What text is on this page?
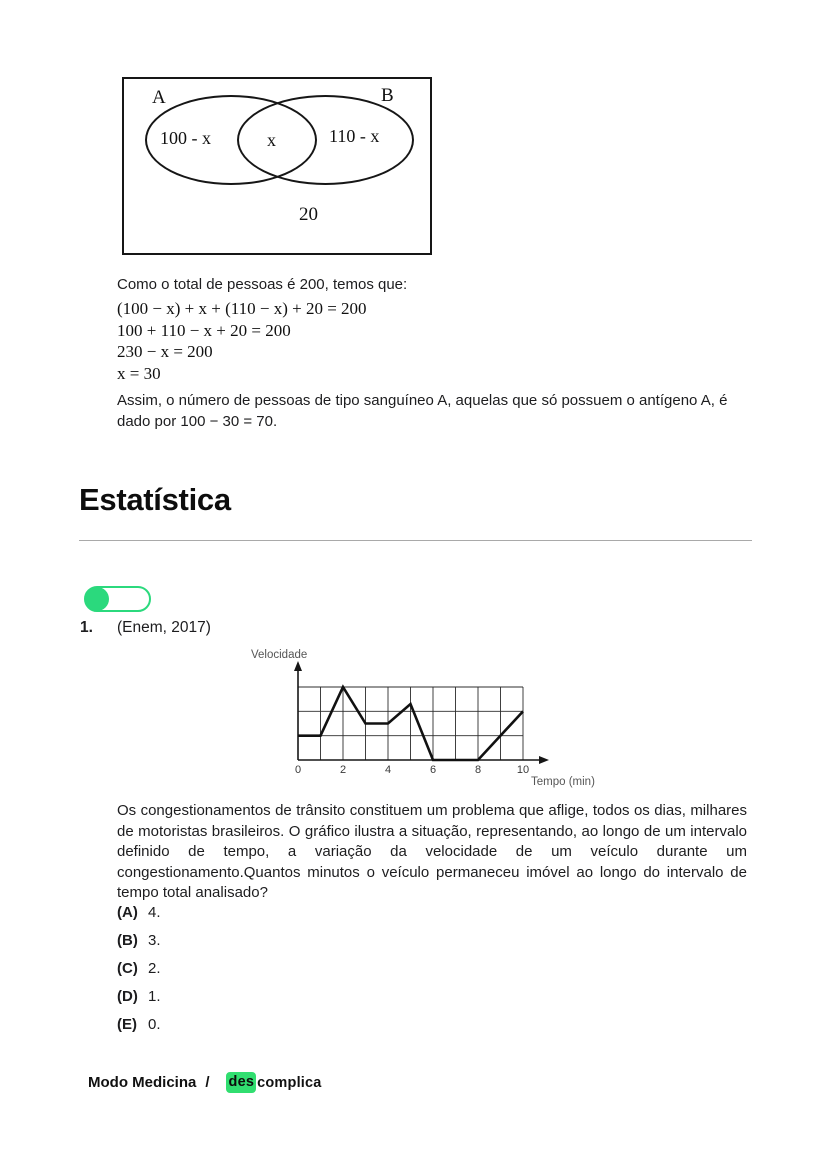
A	B
100 - x	x	110 - x
20

Como o total de pessoas é 200, temos que:

(100 − x) + x + (110 − x) + 20 = 200
100 + 110 − x + 20 = 200
230 − x = 200
x = 30

Assim, o número de pessoas de tipo sanguíneo A, aquelas que só possuem o antígeno A, é dado por 100 − 30 = 70.

Estatística
1. (Enem, 2017)
0	2	4	6	8	10
Velocidade
Tempo (min)

Os congestionamentos de trânsito constituem um problema que aflige, todos os dias, milhares de motoristas brasileiros. O gráfico ilustra a situação, representando, ao longo de um intervalo definido de tempo, a variação da velocidade de um veículo durante um congestionamento.Quantos minutos o veículo permaneceu imóvel ao longo do intervalo de tempo total analisado?

(A) 4.
(B) 3.
(C) 2.
(D) 1.
(E) 0.
Modo Medicina / des complica
